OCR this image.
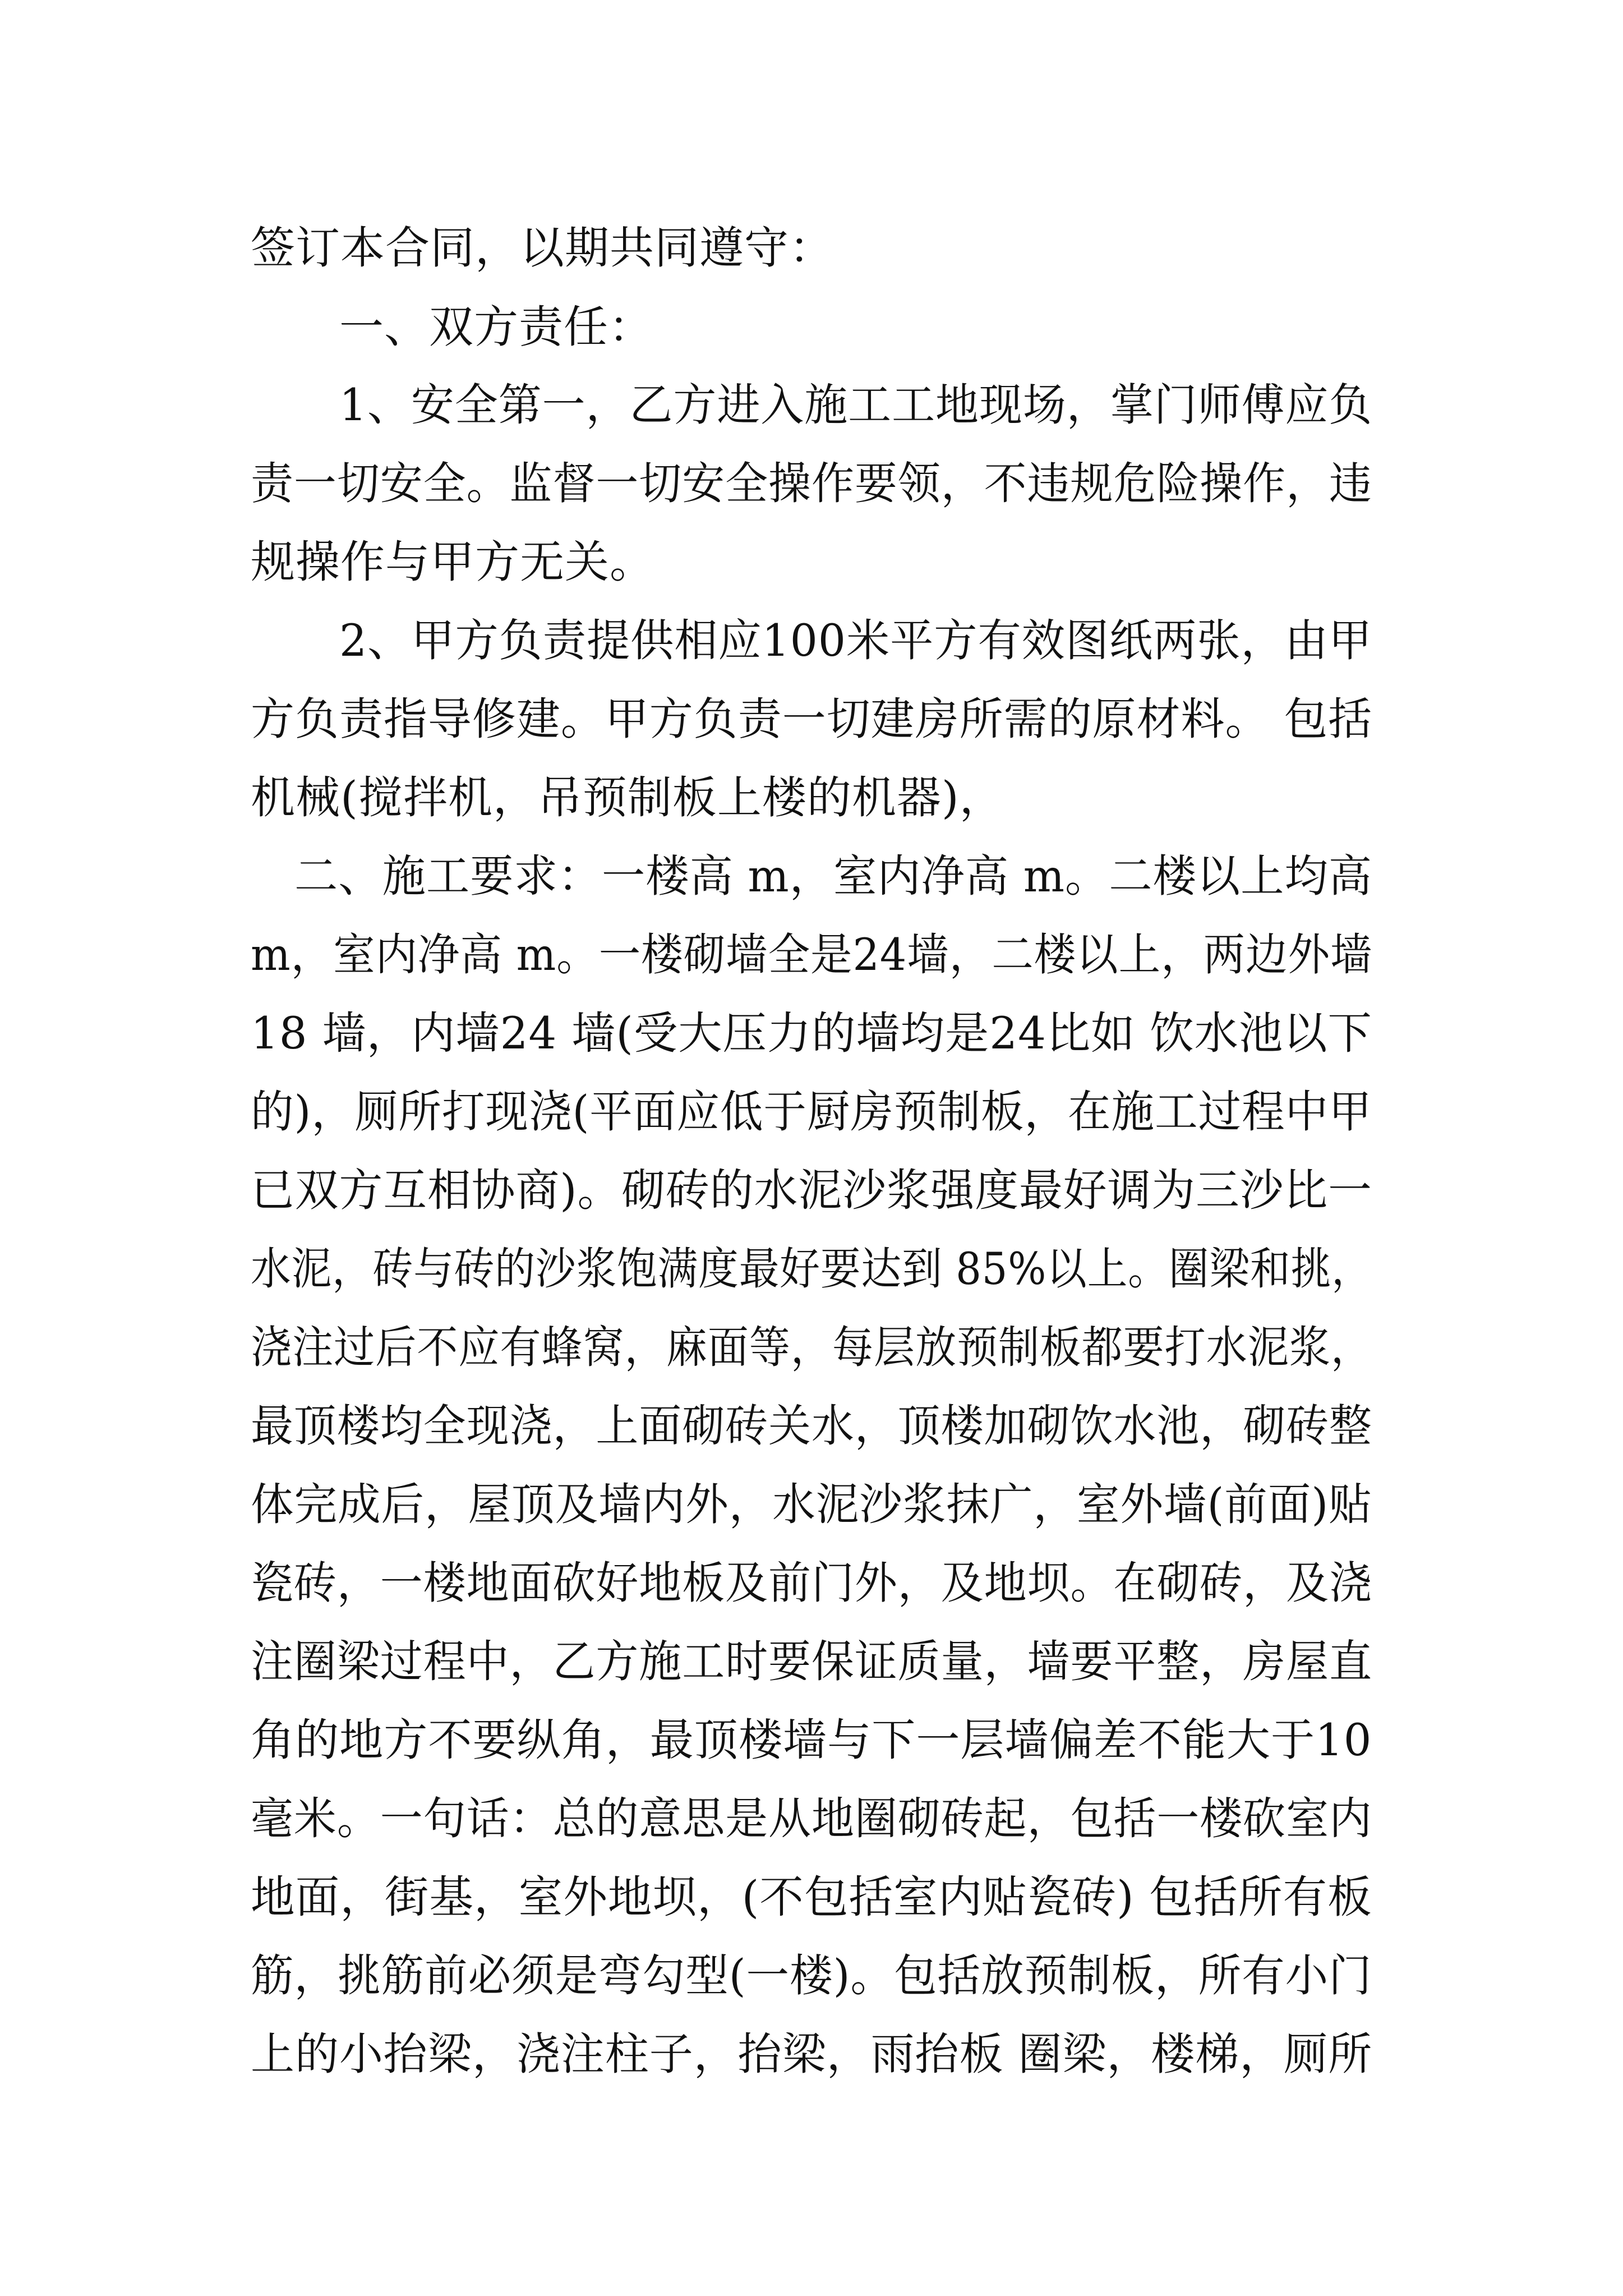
签订本合同，以期共同遵守：
一、双方责任：
1、安全第一，乙方进入施工工地现场，掌门师傅应负
责一切安全。监督一切安全操作要领，不违规危险操作，违
规操作与甲方无关。
2、甲方负责提供相应100米平方有效图纸两张，由甲
方负责指导修建。甲方负责一切建房所需的原材料。 包括
机械(搅拌机，吊预制板上楼的机器)，
二、施工要求：一楼高 m，室内净高 m。二楼以上均高
m，室内净高 m。一楼砌墙全是24墙，二楼以上，两边外墙
18 墙，内墙24 墙(受大压力的墙均是24比如 饮水池以下
的)，厕所打现浇(平面应低于厨房预制板，在施工过程中甲
已双方互相协商)。砌砖的水泥沙浆强度最好调为三沙比一
水泥，砖与砖的沙浆饱满度最好要达到 85%以上。圈梁和挑，
浇注过后不应有蜂窝，麻面等，每层放预制板都要打水泥浆，
最顶楼均全现浇，上面砌砖关水，顶楼加砌饮水池，砌砖整
体完成后，屋顶及墙内外，水泥沙浆抹广，室外墙(前面)贴
瓷砖，一楼地面砍好地板及前门外，及地坝。在砌砖，及浇
注圈梁过程中，乙方施工时要保证质量，墙要平整，房屋直
角的地方不要纵角，最顶楼墙与下一层墙偏差不能大于10
毫米。一句话：总的意思是从地圈砌砖起，包括一楼砍室内
地面，街基，室外地坝，(不包括室内贴瓷砖) 包括所有板
筋，挑筋前必须是弯勾型(一楼)。包括放预制板，所有小门
上的小抬梁，浇注柱子，抬梁，雨抬板 圈梁，楼梯，厕所
